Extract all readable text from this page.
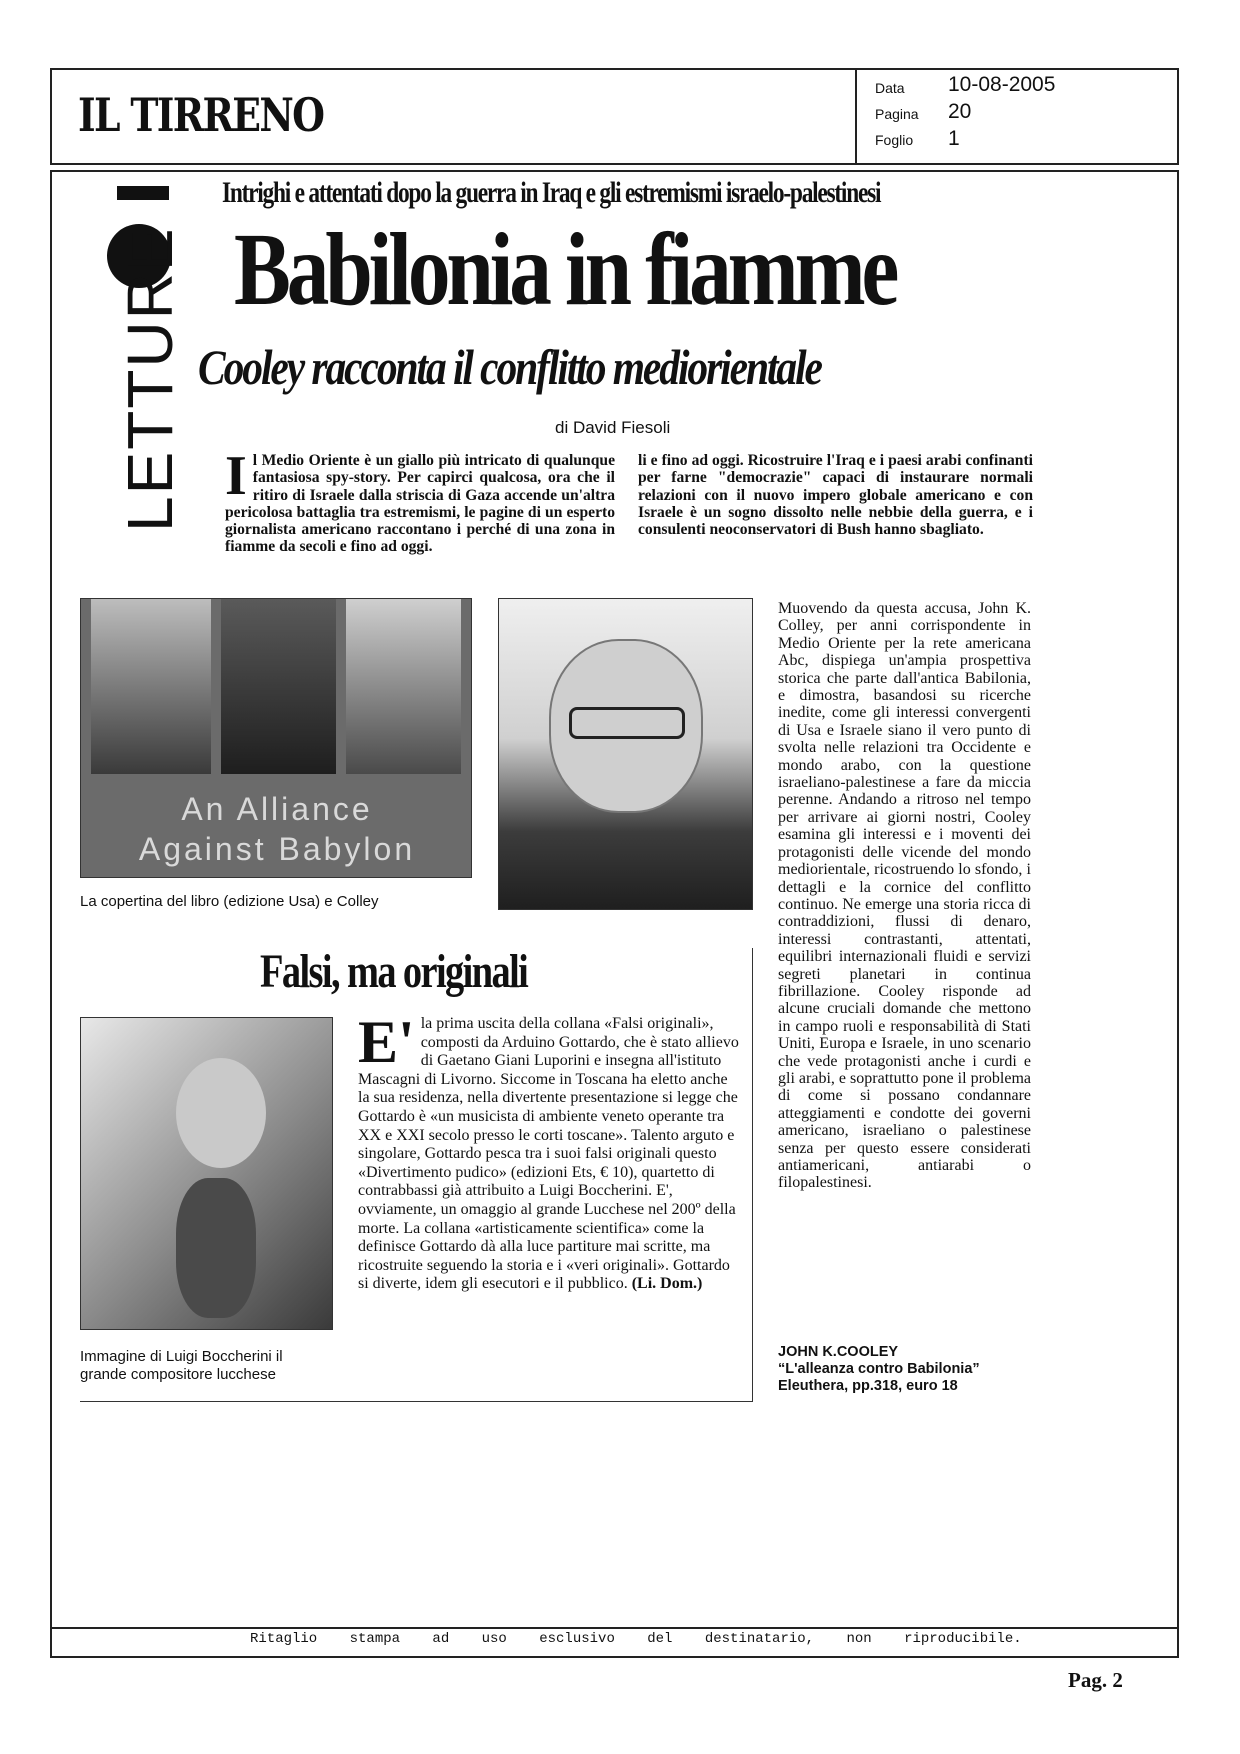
IL TIRRENO	Data 10-08-2005
Pagina 20
Foglio 1
LETTURE
Intrighi e attentati dopo la guerra in Iraq e gli estremismi israelo-palestinesi
Babilonia in fiamme
Cooley racconta il conflitto mediorientale
di David Fiesoli
Il Medio Oriente è un giallo più intricato di qualunque fantasiosa spy-story. Per capirci qualcosa, ora che il ritiro di Israele dalla striscia di Gaza accende un'altra pericolosa battaglia tra estremismi, le pagine di un esperto giornalista americano raccontano i perché di una zona in fiamme da secoli e fino ad oggi.
li e fino ad oggi. Ricostruire l'Iraq e i paesi arabi confinanti per farne "democrazie" capaci di instaurare normali relazioni con il nuovo impero globale americano e con Israele è un sogno dissolto nelle nebbie della guerra, e i consulenti neoconservatori di Bush hanno sbagliato.
An Alliance
Against Babylon
La copertina del libro (edizione Usa) e Colley
Falsi, ma originali
Immagine di Luigi Boccherini il grande compositore lucchese
E' la prima uscita della collana «Falsi originali», composti da Arduino Gottardo, che è stato allievo di Gaetano Giani Luporini e insegna all'istituto Mascagni di Livorno. Siccome in Toscana ha eletto anche la sua residenza, nella divertente presentazione si legge che Gottardo è «un musicista di ambiente veneto operante tra XX e XXI secolo presso le corti toscane». Talento arguto e singolare, Gottardo pesca tra i suoi falsi originali questo «Divertimento pudico» (edizioni Ets, € 10), quartetto di contrabbassi già attribuito a Luigi Boccherini. E', ovviamente, un omaggio al grande Lucchese nel 200º della morte. La collana «artisticamente scientifica» come la definisce Gottardo dà alla luce partiture mai scritte, ma ricostruite seguendo la storia e i «veri originali». Gottardo si diverte, idem gli esecutori e il pubblico. (Li. Dom.)
Muovendo da questa accusa, John K. Colley, per anni corrispondente in Medio Oriente per la rete americana Abc, dispiega un'ampia prospettiva storica che parte dall'antica Babilonia, e dimostra, basandosi su ricerche inedite, come gli interessi convergenti di Usa e Israele siano il vero punto di svolta nelle relazioni tra Occidente e mondo arabo, con la questione israeliano-palestinese a fare da miccia perenne. Andando a ritroso nel tempo per arrivare ai giorni nostri, Cooley esamina gli interessi e i moventi dei protagonisti delle vicende del mondo mediorientale, ricostruendo lo sfondo, i dettagli e la cornice del conflitto continuo. Ne emerge una storia ricca di contraddizioni, flussi di denaro, interessi contrastanti, attentati, equilibri internazionali fluidi e servizi segreti planetari in continua fibrillazione. Cooley risponde ad alcune cruciali domande che mettono in campo ruoli e responsabilità di Stati Uniti, Europa e Israele, in uno scenario che vede protagonisti anche i curdi e gli arabi, e soprattutto pone il problema di come si possano condannare atteggiamenti e condotte dei governi americano, israeliano o palestinese senza per questo essere considerati antiamericani, antiarabi o filopalestinesi.
JOHN K.COOLEY
“L'alleanza contro Babilonia”
Eleuthera, pp.318, euro 18
Ritaglio stampa ad uso esclusivo del destinatario, non riproducibile.
Pag. 2
